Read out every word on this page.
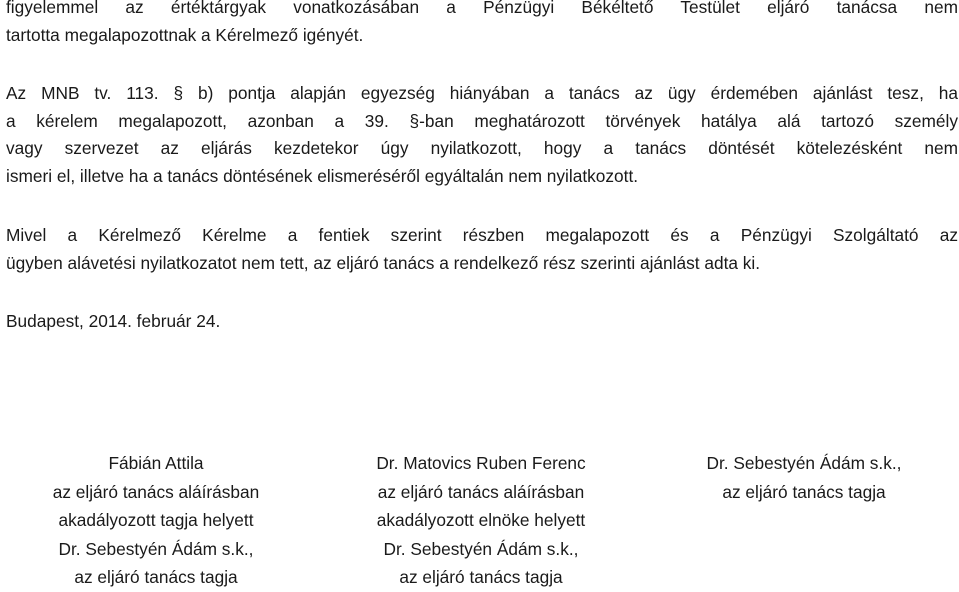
figyelemmel az értéktárgyak vonatkozásában a Pénzügyi Békéltető Testület eljáró tanácsa nem
tartotta megalapozottnak a Kérelmező igényét.

Az MNB tv. 113. § b) pontja alapján egyezség hiányában a tanács az ügy érdemében ajánlást tesz, ha
a kérelem megalapozott, azonban a 39. §-ban meghatározott törvények hatálya alá tartozó személy
vagy szervezet az eljárás kezdetekor úgy nyilatkozott, hogy a tanács döntését kötelezésként nem
ismeri el, illetve ha a tanács döntésének elismeréséről egyáltalán nem nyilatkozott.

Mivel a Kérelmező Kérelme a fentiek szerint részben megalapozott és a Pénzügyi Szolgáltató az
ügyben alávetési nyilatkozatot nem tett, az eljáró tanács a rendelkező rész szerinti ajánlást adta ki.

Budapest, 2014. február 24.

Fábián Attila
az eljáró tanács aláírásban
akadályozott tagja helyett
Dr. Sebestyén Ádám s.k.,
az eljáró tanács tagja
Dr. Matovics Ruben Ferenc
az eljáró tanács aláírásban
akadályozott elnöke helyett
Dr. Sebestyén Ádám s.k.,
az eljáró tanács tagja
Dr. Sebestyén Ádám s.k.,
az eljáró tanács tagja
